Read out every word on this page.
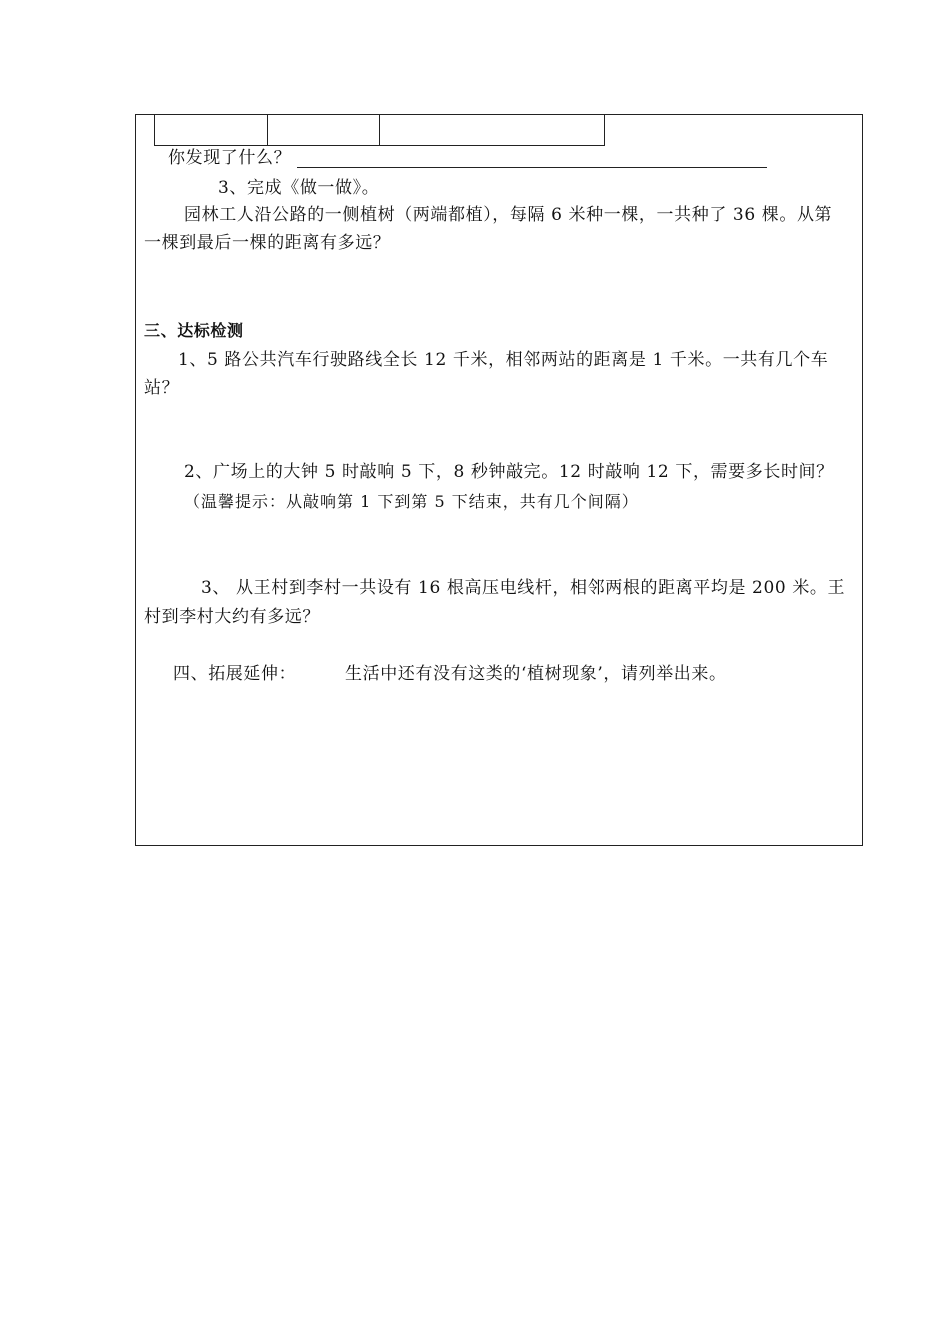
你发现了什么？
3、完成《做一做》。
园林工人沿公路的一侧植树（两端都植），每隔 6 米种一棵，一共种了 36 棵。从第
一棵到最后一棵的距离有多远？
三、达标检测
1、5 路公共汽车行驶路线全长 12 千米，相邻两站的距离是 1 千米。一共有几个车
站？
2、广场上的大钟 5 时敲响 5 下，8 秒钟敲完。12 时敲响 12 下，需要多长时间？
（温馨提示：从敲响第 1 下到第 5 下结束，共有几个间隔）
3、 从王村到李村一共设有 16 根高压电线杆，相邻两根的距离平均是 200 米。王
村到李村大约有多远？
四、拓展延伸：	生活中还有没有这类的‘植树现象’，请列举出来。
